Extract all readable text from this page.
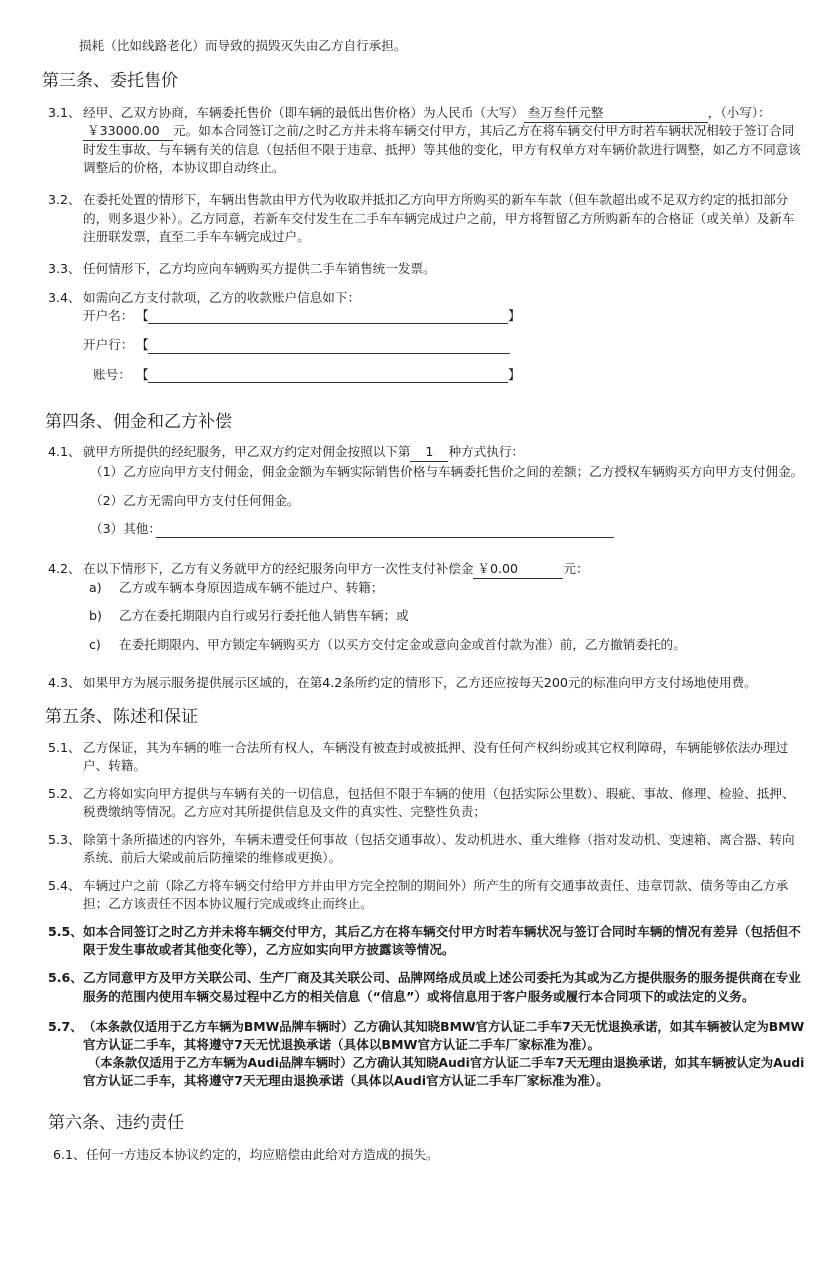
损耗（比如线路老化）而导致的损毁灭失由乙方自行承担。
第三条、委托售价
3.1、 经甲、乙双方协商，车辆委托售价（即车辆的最低出售价格）为人民币（大写） 叁万叁仟元整	，（小写）：
￥33000.00 元。如本合同签订之前/之时乙方并未将车辆交付甲方，其后乙方在将车辆交付甲方时若车辆状况相较于签订合同
时发生事故、与车辆有关的信息（包括但不限于违章、抵押）等其他的变化，甲方有权单方对车辆价款进行调整，如乙方不同意该
调整后的价格，本协议即自动终止。
3.2、 在委托处置的情形下，车辆出售款由甲方代为收取并抵扣乙方向甲方所购买的新车车款（但车款超出或不足双方约定的抵扣部分
的，则多退少补）。乙方同意，若新车交付发生在二手车车辆完成过户之前，甲方将暂留乙方所购新车的合格证（或关单）及新车
注册联发票，直至二手车车辆完成过户。
3.3、 任何情形下，乙方均应向车辆购买方提供二手车销售统一发票。
3.4、 如需向乙方支付款项，乙方的收款账户信息如下：
开户名： 【	】
开户行： 【
账号： 【	】
第四条、佣金和乙方补偿
4.1、 就甲方所提供的经纪服务，甲乙双方约定对佣金按照以下第 1 种方式执行：
（1）乙方应向甲方支付佣金，佣金金额为车辆实际销售价格与车辆委托售价之间的差额；乙方授权车辆购买方向甲方支付佣金。
（2）乙方无需向甲方支付任何佣金。
（3）其他：
4.2、 在以下情形下，乙方有义务就甲方的经纪服务向甲方一次性支付补偿金 ￥0.00	元：
a) 乙方或车辆本身原因造成车辆不能过户、转籍；
b) 乙方在委托期限内自行或另行委托他人销售车辆；或
c) 在委托期限内、甲方锁定车辆购买方（以买方交付定金或意向金或首付款为准）前，乙方撤销委托的。
4.3、 如果甲方为展示服务提供展示区域的，在第4.2条所约定的情形下，乙方还应按每天200元的标准向甲方支付场地使用费。
第五条、陈述和保证
5.1、 乙方保证，其为车辆的唯一合法所有权人，车辆没有被查封或被抵押、没有任何产权纠纷或其它权利障碍，车辆能够依法办理过
户、转籍。
5.2、 乙方将如实向甲方提供与车辆有关的一切信息，包括但不限于车辆的使用（包括实际公里数）、瑕疵、事故、修理、检验、抵押、
税费缴纳等情况。乙方应对其所提供信息及文件的真实性、完整性负责；
5.3、 除第十条所描述的内容外，车辆未遭受任何事故（包括交通事故）、发动机进水、重大维修（指对发动机、变速箱、离合器、转向
系统、前后大梁或前后防撞梁的维修或更换）。
5.4、 车辆过户之前（除乙方将车辆交付给甲方并由甲方完全控制的期间外）所产生的所有交通事故责任、违章罚款、债务等由乙方承
担；乙方该责任不因本协议履行完成或终止而终止。
5.5、 如本合同签订之时乙方并未将车辆交付甲方，其后乙方在将车辆交付甲方时若车辆状况与签订合同时车辆的情况有差异（包括但不
限于发生事故或者其他变化等），乙方应如实向甲方披露该等情况。
5.6、 乙方同意甲方及甲方关联公司、生产厂商及其关联公司、品牌网络成员或上述公司委托为其或为乙方提供服务的服务提供商在专业
服务的范围内使用车辆交易过程中乙方的相关信息（“信息”）或将信息用于客户服务或履行本合同项下的或法定的义务。
5.7、 （本条款仅适用于乙方车辆为BMW品牌车辆时）乙方确认其知晓BMW官方认证二手车7天无忧退换承诺，如其车辆被认定为BMW
官方认证二手车，其将遵守7天无忧退换承诺（具体以BMW官方认证二手车厂家标准为准）。
（本条款仅适用于乙方车辆为Audi品牌车辆时）乙方确认其知晓Audi官方认证二手车7天无理由退换承诺，如其车辆被认定为Audi
官方认证二手车，其将遵守7天无理由退换承诺（具体以Audi官方认证二手车厂家标准为准）。
第六条、违约责任
6.1、 任何一方违反本协议约定的，均应赔偿由此给对方造成的损失。
